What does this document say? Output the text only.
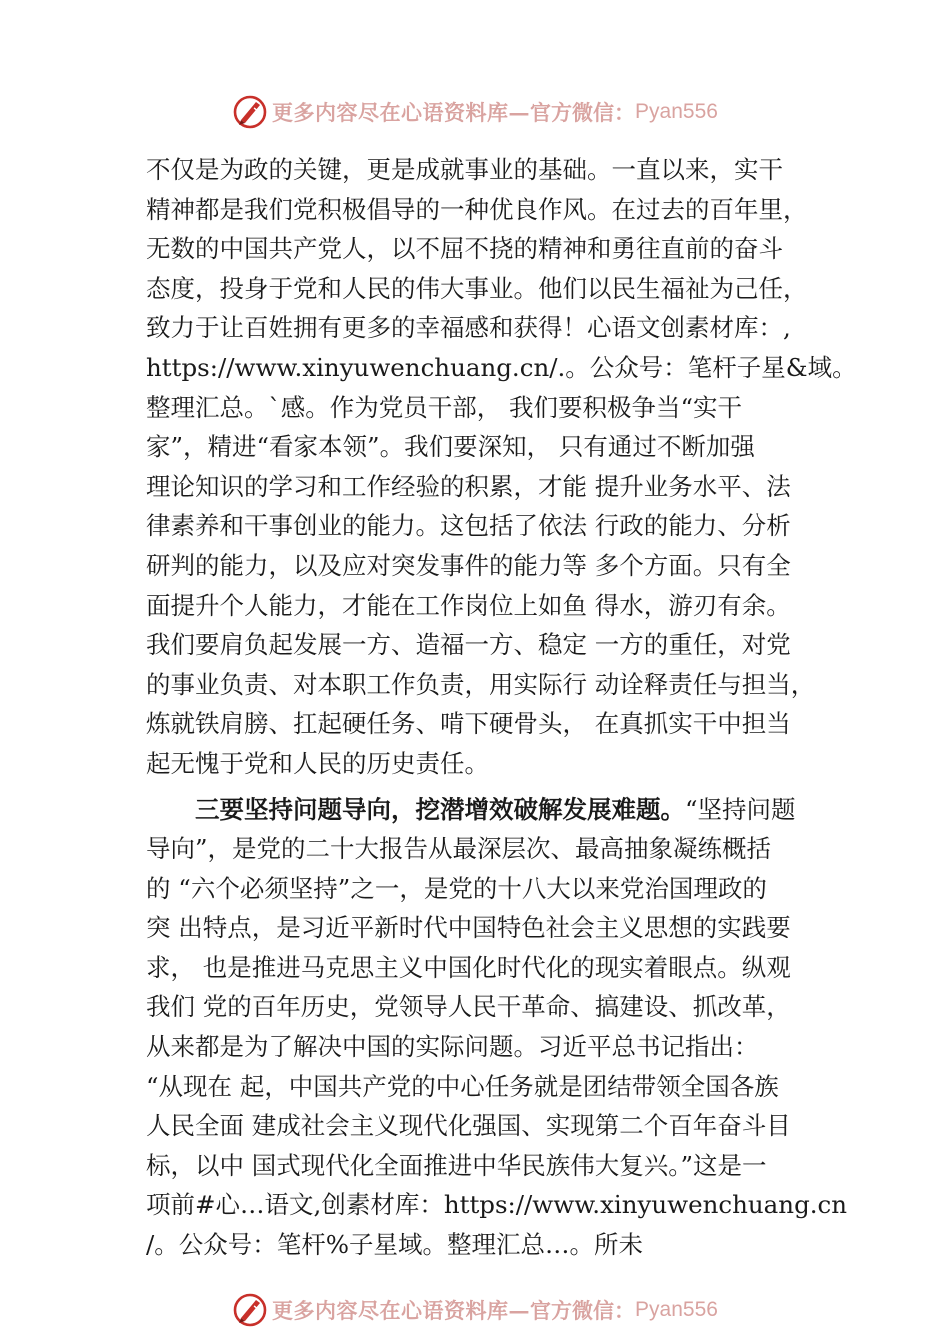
更多内容尽在心语资料库 — 官方微信： Pyan556
不仅是为政的关键，更是成就事业的基础。一直以来，实干
精神都是我们党积极倡导的一种优良作风。在过去的百年里，
无数的中国共产党人，以不屈不挠的精神和勇往直前的奋斗
态度，投身于党和人民的伟大事业。他们以民生福祉为己任，
致力于让百姓拥有更多的幸福感和获得！心语文创素材库：,
https://www.xinyuwenchuang.cn/.。公众号：笔杆子星&域。
整理汇总。`感。作为党员干部， 我们要积极争当“实干
家”，精进“看家本领”。我们要深知， 只有通过不断加强
理论知识的学习和工作经验的积累，才能 提升业务水平、法
律素养和干事创业的能力。这包括了依法 行政的能力、分析
研判的能力，以及应对突发事件的能力等 多个方面。只有全
面提升个人能力，才能在工作岗位上如鱼 得水，游刃有余。
我们要肩负起发展一方、造福一方、稳定 一方的重任，对党
的事业负责、对本职工作负责，用实际行 动诠释责任与担当，
炼就铁肩膀、扛起硬任务、啃下硬骨头， 在真抓实干中担当
起无愧于党和人民的历史责任。
三要坚持问题导向，挖潜增效破解发展难题。“坚持问题
导向”，是党的二十大报告从最深层次、最高抽象凝练概括
的 “六个必须坚持”之一，是党的十八大以来党治国理政的
突 出特点，是习近平新时代中国特色社会主义思想的实践要
求， 也是推进马克思主义中国化时代化的现实着眼点。纵观
我们 党的百年历史，党领导人民干革命、搞建设、抓改革，
从来都是为了解决中国的实际问题。习近平总书记指出：
“从现在 起，中国共产党的中心任务就是团结带领全国各族
人民全面 建成社会主义现代化强国、实现第二个百年奋斗目
标，以中 国式现代化全面推进中华民族伟大复兴。”这是一
项前#心…语文,创素材库：https://www.xinyuwenchuang.cn
/。公众号：笔杆%子星域。整理汇总…。所未
更多内容尽在心语资料库 — 官方微信： Pyan556
